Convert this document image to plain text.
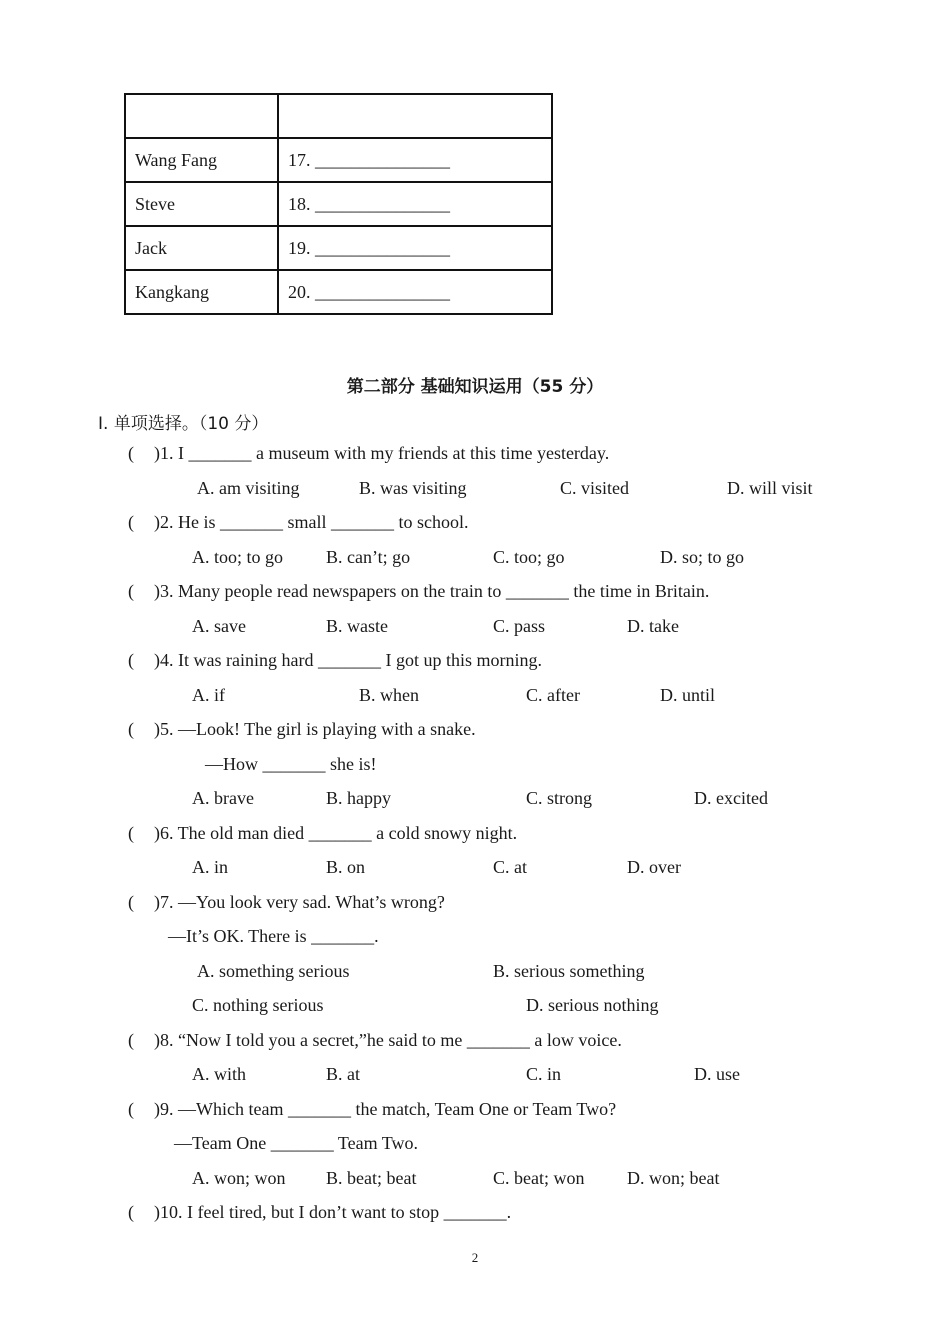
Wang Fang	17. _______________
Steve	18. _______________
Jack	19. _______________
Kangkang	20. _______________
第二部分 基础知识运用（55 分）
Ⅰ. 单项选择。（10 分）
( )1. I _______ a museum with my friends at this time yesterday.
A. am visiting	B. was visiting	C. visited	D. will visit
( )2. He is _______ small _______ to school.
A. too; to go B. can’t; go	C. too; go	D. so; to go
( )3. Many people read newspapers on the train to _______ the time in Britain.
A. save	B. waste	C. pass	D. take
( )4. It was raining hard _______ I got up this morning.
A. if	B. when	C. after	D. until
( )5. —Look! The girl is playing with a snake.
—How _______ she is!
A. brave	B. happy	C. strong	D. excited
( )6. The old man died _______ a cold snowy night.
A. in	B. on	C. at	D. over
( )7. —You look very sad. What’s wrong?
—It’s OK. There is _______.
A. something serious	B. serious something
C. nothing serious	D. serious nothing
( )8. “Now I told you a secret,”he said to me _______ a low voice.
A. with	B. at	C. in	D. use
( )9. —Which team _______ the match, Team One or Team Two?
—Team One _______ Team Two.
A. won; won B. beat; beat	C. beat; won D. won; beat
( )10. I feel tired, but I don’t want to stop _______.
2
